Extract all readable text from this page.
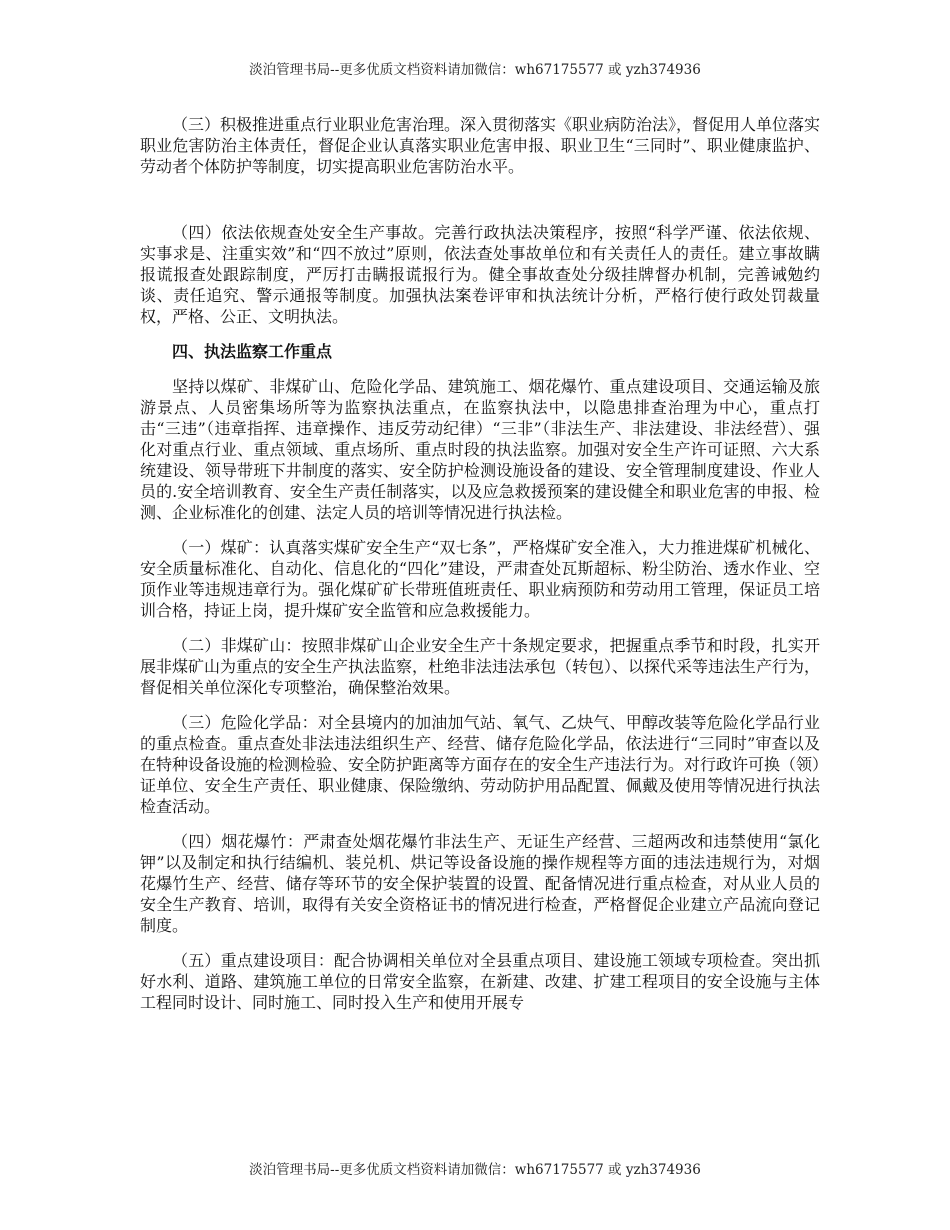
淡泊管理书局--更多优质文档资料请加微信：wh67175577 或 yzh374936

（三）积极推进重点行业职业危害治理。深入贯彻落实《职业病防治法》，督促用人单位落实职业危害防治主体责任，督促企业认真落实职业危害申报、职业卫生“三同时”、职业健康监护、劳动者个体防护等制度，切实提高职业危害防治水平。

（四）依法依规查处安全生产事故。完善行政执法决策程序，按照“科学严谨、依法依规、实事求是、注重实效”和“四不放过”原则，依法查处事故单位和有关责任人的责任。建立事故瞒报谎报查处跟踪制度，严厉打击瞒报谎报行为。健全事故查处分级挂牌督办机制，完善诫勉约谈、责任追究、警示通报等制度。加强执法案卷评审和执法统计分析，严格行使行政处罚裁量权，严格、公正、文明执法。

四、执法监察工作重点

坚持以煤矿、非煤矿山、危险化学品、建筑施工、烟花爆竹、重点建设项目、交通运输及旅游景点、人员密集场所等为监察执法重点，在监察执法中，以隐患排查治理为中心，重点打击“三违”（违章指挥、违章操作、违反劳动纪律）“三非”（非法生产、非法建设、非法经营）、强化对重点行业、重点领域、重点场所、重点时段的执法监察。加强对安全生产许可证照、六大系统建设、领导带班下井制度的落实、安全防护检测设施设备的建设、安全管理制度建设、作业人员的.安全培训教育、安全生产责任制落实，以及应急救援预案的建设健全和职业危害的申报、检测、企业标准化的创建、法定人员的培训等情况进行执法检。

（一）煤矿：认真落实煤矿安全生产“双七条”，严格煤矿安全准入，大力推进煤矿机械化、安全质量标准化、自动化、信息化的“四化”建设，严肃查处瓦斯超标、粉尘防治、透水作业、空顶作业等违规违章行为。强化煤矿矿长带班值班责任、职业病预防和劳动用工管理，保证员工培训合格，持证上岗，提升煤矿安全监管和应急救援能力。

（二）非煤矿山：按照非煤矿山企业安全生产十条规定要求，把握重点季节和时段，扎实开展非煤矿山为重点的安全生产执法监察，杜绝非法违法承包（转包）、以探代采等违法生产行为，督促相关单位深化专项整治，确保整治效果。

（三）危险化学品：对全县境内的加油加气站、氧气、乙炔气、甲醇改装等危险化学品行业的重点检查。重点查处非法违法组织生产、经营、储存危险化学品，依法进行“三同时”审查以及在特种设备设施的检测检验、安全防护距离等方面存在的安全生产违法行为。对行政许可换（领）证单位、安全生产责任、职业健康、保险缴纳、劳动防护用品配置、佩戴及使用等情况进行执法检查活动。

（四）烟花爆竹：严肃查处烟花爆竹非法生产、无证生产经营、三超两改和违禁使用“氯化钾”以及制定和执行结编机、装兑机、烘记等设备设施的操作规程等方面的违法违规行为，对烟花爆竹生产、经营、储存等环节的安全保护装置的设置、配备情况进行重点检查，对从业人员的安全生产教育、培训，取得有关安全资格证书的情况进行检查，严格督促企业建立产品流向登记制度。

（五）重点建设项目：配合协调相关单位对全县重点项目、建设施工领域专项检查。突出抓好水利、道路、建筑施工单位的日常安全监察，在新建、改建、扩建工程项目的安全设施与主体工程同时设计、同时施工、同时投入生产和使用开展专

淡泊管理书局--更多优质文档资料请加微信：wh67175577 或 yzh374936
